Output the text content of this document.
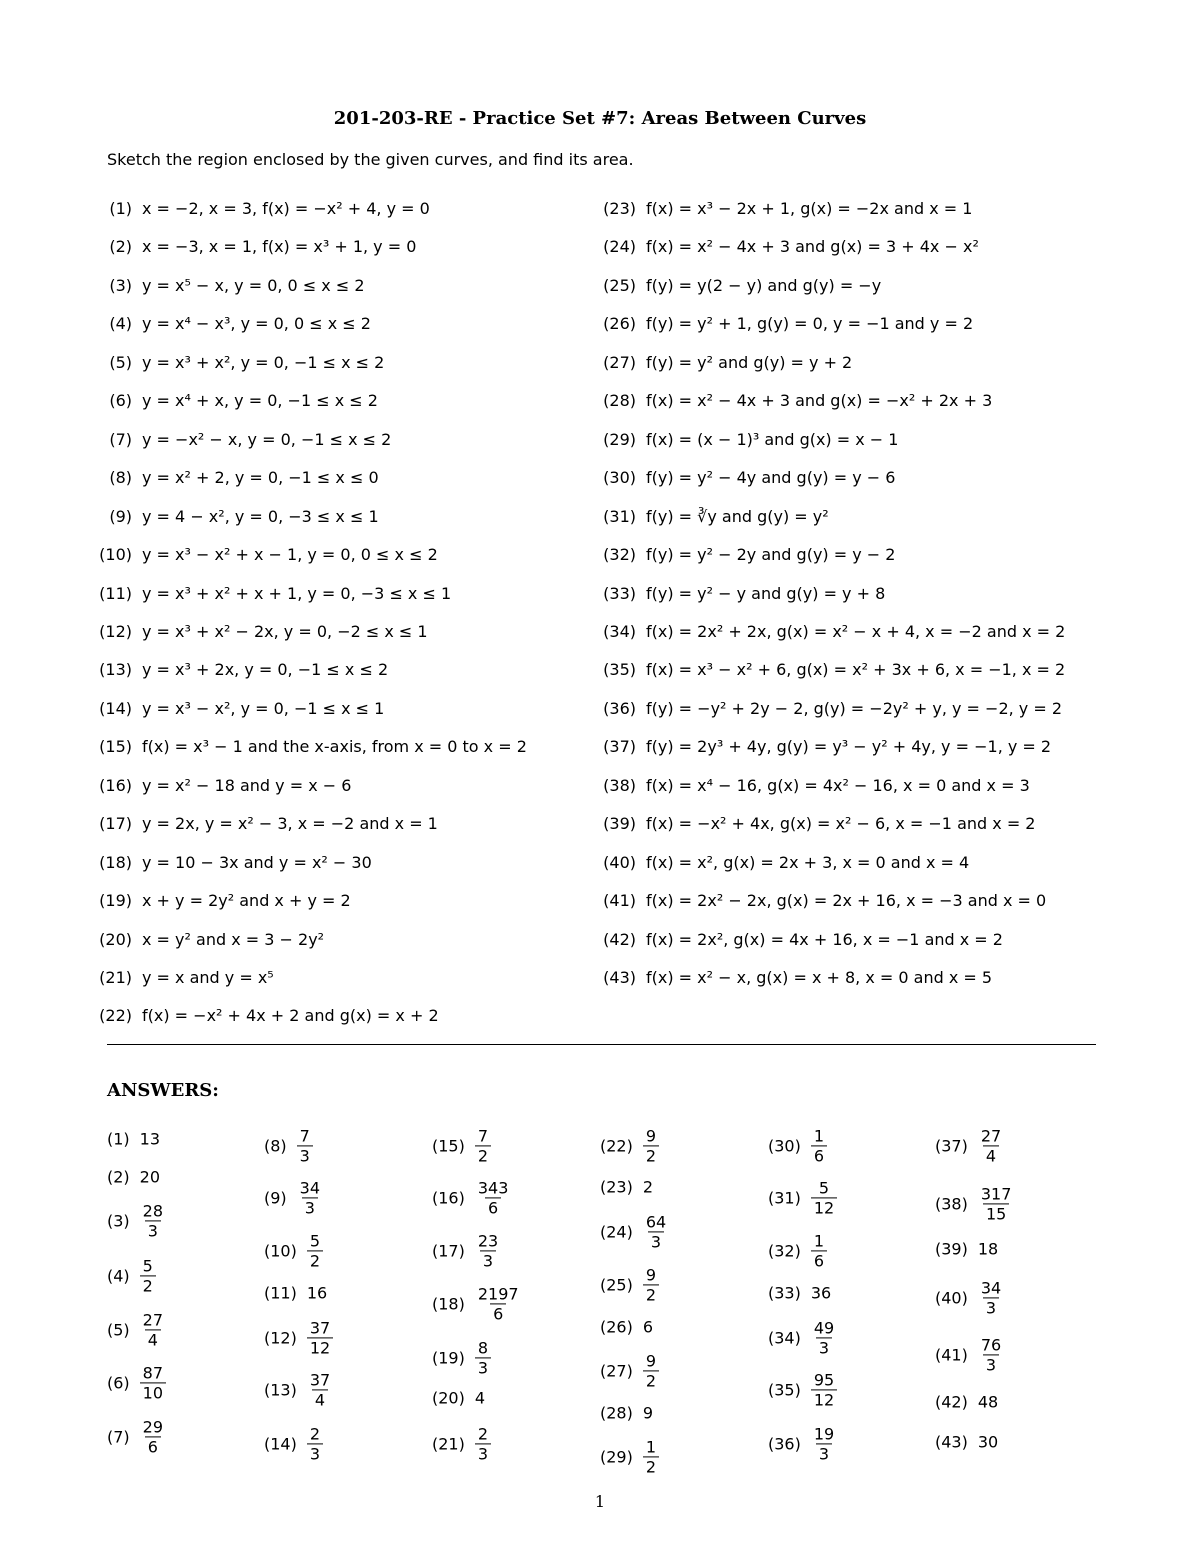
201-203-RE - Practice Set #7: Areas Between Curves
Sketch the region enclosed by the given curves, and find its area.
(1) x = −2, x = 3, f(x) = −x² + 4, y = 0
(2) x = −3, x = 1, f(x) = x³ + 1, y = 0
(3) y = x⁵ − x, y = 0, 0 ≤ x ≤ 2
(4) y = x⁴ − x³, y = 0, 0 ≤ x ≤ 2
(5) y = x³ + x², y = 0, −1 ≤ x ≤ 2
(6) y = x⁴ + x, y = 0, −1 ≤ x ≤ 2
(7) y = −x² − x, y = 0, −1 ≤ x ≤ 2
(8) y = x² + 2, y = 0, −1 ≤ x ≤ 0
(9) y = 4 − x², y = 0, −3 ≤ x ≤ 1
(10) y = x³ − x² + x − 1, y = 0, 0 ≤ x ≤ 2
(11) y = x³ + x² + x + 1, y = 0, −3 ≤ x ≤ 1
(12) y = x³ + x² − 2x, y = 0, −2 ≤ x ≤ 1
(13) y = x³ + 2x, y = 0, −1 ≤ x ≤ 2
(14) y = x³ − x², y = 0, −1 ≤ x ≤ 1
(15) f(x) = x³ − 1 and the x-axis, from x = 0 to x = 2
(16) y = x² − 18 and y = x − 6
(17) y = 2x, y = x² − 3, x = −2 and x = 1
(18) y = 10 − 3x and y = x² − 30
(19) x + y = 2y² and x + y = 2
(20) x = y² and x = 3 − 2y²
(21) y = x and y = x⁵
(22) f(x) = −x² + 4x + 2 and g(x) = x + 2
(23) f(x) = x³ − 2x + 1, g(x) = −2x and x = 1
(24) f(x) = x² − 4x + 3 and g(x) = 3 + 4x − x²
(25) f(y) = y(2 − y) and g(y) = −y
(26) f(y) = y² + 1, g(y) = 0, y = −1 and y = 2
(27) f(y) = y² and g(y) = y + 2
(28) f(x) = x² − 4x + 3 and g(x) = −x² + 2x + 3
(29) f(x) = (x − 1)³ and g(x) = x − 1
(30) f(y) = y² − 4y and g(y) = y − 6
(31) f(y) = ∛y and g(y) = y²
(32) f(y) = y² − 2y and g(y) = y − 2
(33) f(y) = y² − y and g(y) = y + 8
(34) f(x) = 2x² + 2x, g(x) = x² − x + 4, x = −2 and x = 2
(35) f(x) = x³ − x² + 6, g(x) = x² + 3x + 6, x = −1, x = 2
(36) f(y) = −y² + 2y − 2, g(y) = −2y² + y, y = −2, y = 2
(37) f(y) = 2y³ + 4y, g(y) = y³ − y² + 4y, y = −1, y = 2
(38) f(x) = x⁴ − 16, g(x) = 4x² − 16, x = 0 and x = 3
(39) f(x) = −x² + 4x, g(x) = x² − 6, x = −1 and x = 2
(40) f(x) = x², g(x) = 2x + 3, x = 0 and x = 4
(41) f(x) = 2x² − 2x, g(x) = 2x + 16, x = −3 and x = 0
(42) f(x) = 2x², g(x) = 4x + 16, x = −1 and x = 2
(43) f(x) = x² − x, g(x) = x + 8, x = 0 and x = 5
ANSWERS:
(1) 13
(2) 20
$(3) \frac{28}{3}$
$(4) \frac{5}{2}$
$(5) \frac{27}{4}$
$(6) \frac{87}{10}$
$(7) \frac{29}{6}$
$(8) \frac{7}{3}$
$(9) \frac{34}{3}$
$(10) \frac{5}{2}$
(11) 16
$(12) \frac{37}{12}$
$(13) \frac{37}{4}$
$(14) \frac{2}{3}$
$(15) \frac{7}{2}$
$(16) \frac{343}{6}$
$(17) \frac{23}{3}$
$(18) \frac{2197}{6}$
$(19) \frac{8}{3}$
(20) 4
$(21) \frac{2}{3}$
$(22) \frac{9}{2}$
(23) 2
$(24) \frac{64}{3}$
$(25) \frac{9}{2}$
(26) 6
$(27) \frac{9}{2}$
(28) 9
$(29) \frac{1}{2}$
$(30) \frac{1}{6}$
$(31) \frac{5}{12}$
$(32) \frac{1}{6}$
(33) 36
$(34) \frac{49}{3}$
$(35) \frac{95}{12}$
$(36) \frac{19}{3}$
$(37) \frac{27}{4}$
$(38) \frac{317}{15}$
(39) 18
$(40) \frac{34}{3}$
$(41) \frac{76}{3}$
(42) 48
(43) 30
1
